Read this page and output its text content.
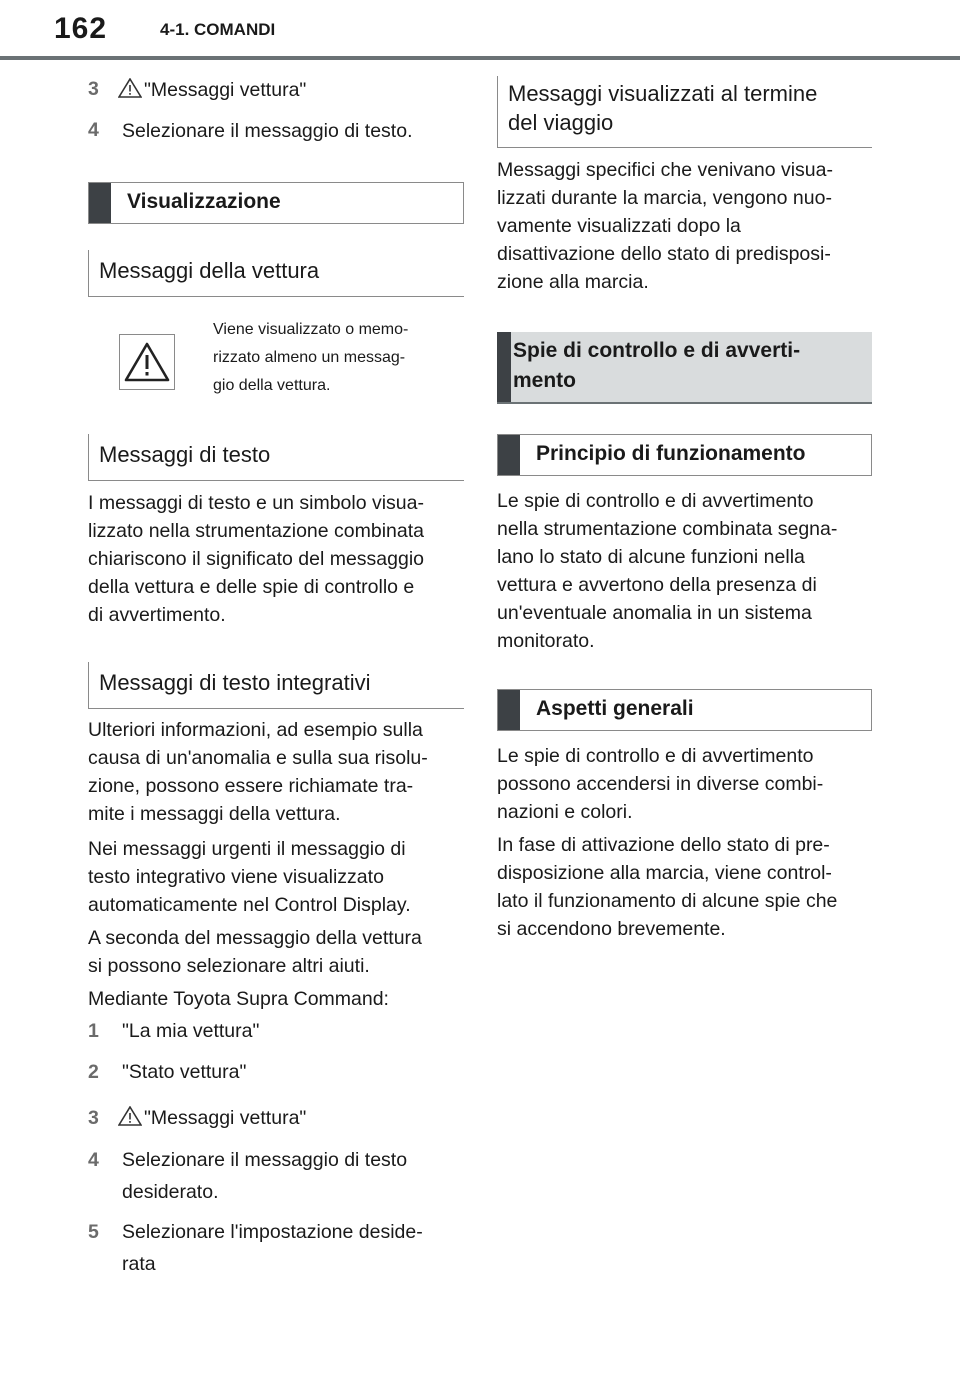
162	4-1. COMANDI
3	"Messaggi vettura"
4 Selezionare il messaggio di testo.
Visualizzazione
Messaggi della vettura
Viene visualizzato o memo-
rizzato almeno un messag-
gio della vettura.
Messaggi di testo
I messaggi di testo e un simbolo visua-
lizzato nella strumentazione combinata
chiariscono il significato del messaggio
della vettura e delle spie di controllo e
di avvertimento.
Messaggi di testo integrativi
Ulteriori informazioni, ad esempio sulla
causa di un'anomalia e sulla sua risolu-
zione, possono essere richiamate tra-
mite i messaggi della vettura.
Nei messaggi urgenti il messaggio di
testo integrativo viene visualizzato
automaticamente nel Control Display.
A seconda del messaggio della vettura
si possono selezionare altri aiuti.
Mediante Toyota Supra Command:
1 "La mia vettura"
2 "Stato vettura"
3	"Messaggi vettura"
4 Selezionare il messaggio di testo
desiderato.
5 Selezionare l'impostazione deside-
rata
Messaggi visualizzati al termine
del viaggio
Messaggi specifici che venivano visua-
lizzati durante la marcia, vengono nuo-
vamente visualizzati dopo la
disattivazione dello stato di predisposi-
zione alla marcia.
Spie di controllo e di avverti-
mento
Principio di funzionamento
Le spie di controllo e di avvertimento
nella strumentazione combinata segna-
lano lo stato di alcune funzioni nella
vettura e avvertono della presenza di
un'eventuale anomalia in un sistema
monitorato.
Aspetti generali
Le spie di controllo e di avvertimento
possono accendersi in diverse combi-
nazioni e colori.
In fase di attivazione dello stato di pre-
disposizione alla marcia, viene control-
lato il funzionamento di alcune spie che
si accendono brevemente.
